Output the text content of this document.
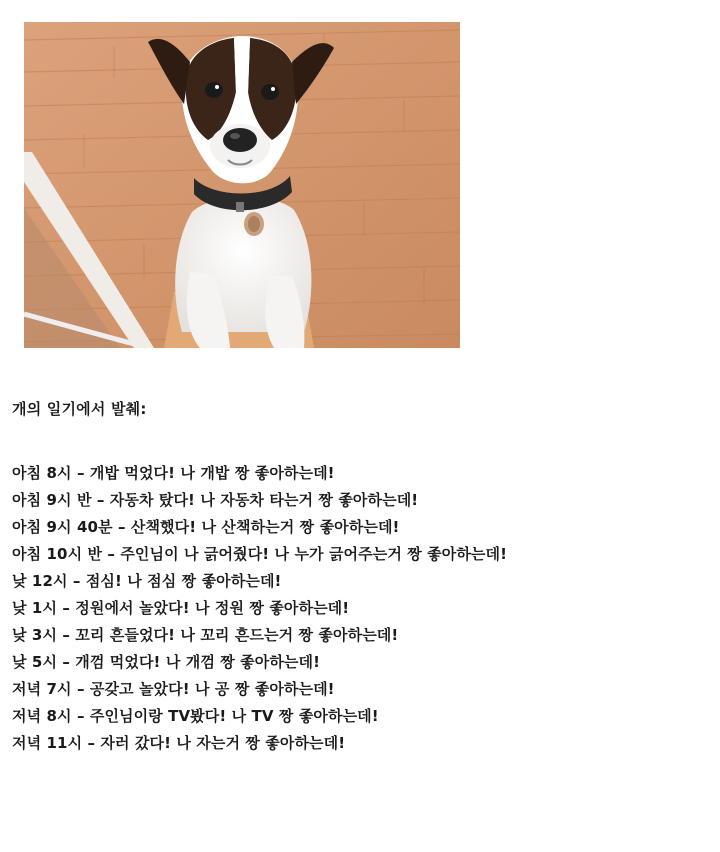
개의 일기에서 발췌:
아침 8시 – 개밥 먹었다! 나 개밥 짱 좋아하는데!
아침 9시 반 – 자동차 탔다! 나 자동차 타는거 짱 좋아하는데!
아침 9시 40분 – 산책했다! 나 산책하는거 짱 좋아하는데!
아침 10시 반 – 주인님이 나 긁어줬다! 나 누가 긁어주는거 짱 좋아하는데!
낮 12시 – 점심! 나 점심 짱 좋아하는데!
낮 1시 – 정원에서 놀았다! 나 정원 짱 좋아하는데!
낮 3시 – 꼬리 흔들었다! 나 꼬리 흔드는거 짱 좋아하는데!
낮 5시 – 개껌 먹었다! 나 개껌 짱 좋아하는데!
저녁 7시 – 공갖고 놀았다! 나 공 짱 좋아하는데!
저녁 8시 – 주인님이랑 TV봤다! 나 TV 짱 좋아하는데!
저녁 11시 – 자러 갔다! 나 자는거 짱 좋아하는데!
